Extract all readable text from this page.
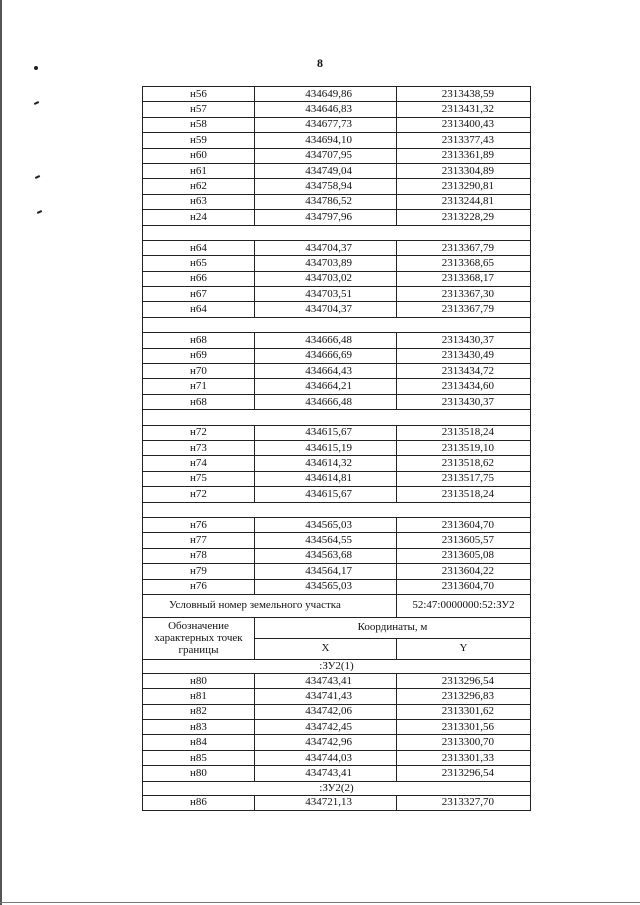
8
н56	434649,86	2313438,59
н57	434646,83	2313431,32
н58	434677,73	2313400,43
н59	434694,10	2313377,43
н60	434707,95	2313361,89
н61	434749,04	2313304,89
н62	434758,94	2313290,81
н63	434786,52	2313244,81
н24	434797,96	2313228,29

н64	434704,37	2313367,79
н65	434703,89	2313368,65
н66	434703,02	2313368,17
н67	434703,51	2313367,30
н64	434704,37	2313367,79

н68	434666,48	2313430,37
н69	434666,69	2313430,49
н70	434664,43	2313434,72
н71	434664,21	2313434,60
н68	434666,48	2313430,37

н72	434615,67	2313518,24
н73	434615,19	2313519,10
н74	434614,32	2313518,62
н75	434614,81	2313517,75
н72	434615,67	2313518,24

н76	434565,03	2313604,70
н77	434564,55	2313605,57
н78	434563,68	2313605,08
н79	434564,17	2313604,22
н76	434565,03	2313604,70
Условный номер земельного участка		52:47:0000000:52:ЗУ2
Обозначение характерных точек границы	Координаты, м	
	X	Y
:ЗУ2(1)		
н80	434743,41	2313296,54
н81	434741,43	2313296,83
н82	434742,06	2313301,62
н83	434742,45	2313301,56
н84	434742,96	2313300,70
н85	434744,03	2313301,33
н80	434743,41	2313296,54
:ЗУ2(2)		
н86	434721,13	2313327,70
